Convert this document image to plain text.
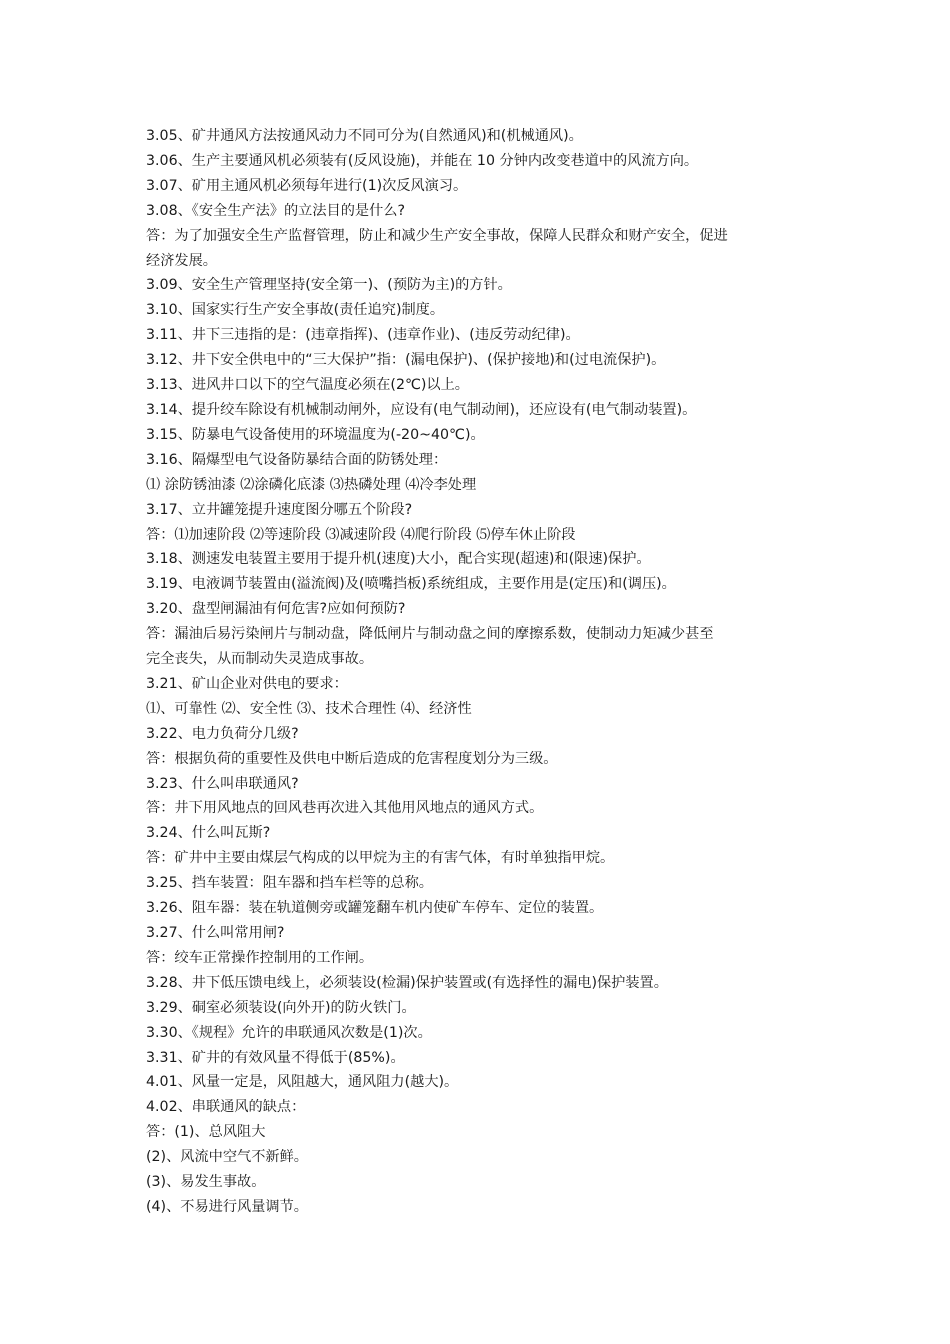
3.05、矿井通风方法按通风动力不同可分为(自然通风)和(机械通风)。
3.06、生产主要通风机必须装有(反风设施)，并能在 10 分钟内改变巷道中的风流方向。
3.07、矿用主通风机必须每年进行(1)次反风演习。
3.08、《安全生产法》的立法目的是什么?
答：为了加强安全生产监督管理，防止和减少生产安全事故，保障人民群众和财产安全，促进
经济发展。
3.09、安全生产管理坚持(安全第一)、(预防为主)的方针。
3.10、国家实行生产安全事故(责任追究)制度。
3.11、井下三违指的是：(违章指挥)、(违章作业)、(违反劳动纪律)。
3.12、井下安全供电中的“三大保护”指：(漏电保护)、(保护接地)和(过电流保护)。
3.13、进风井口以下的空气温度必须在(2℃)以上。
3.14、提升绞车除设有机械制动闸外，应设有(电气制动闸)，还应设有(电气制动装置)。
3.15、防暴电气设备使用的环境温度为(-20~40℃)。
3.16、隔爆型电气设备防暴结合面的防锈处理：
⑴ 涂防锈油漆 ⑵涂磷化底漆 ⑶热磷处理 ⑷冷李处理
3.17、立井罐笼提升速度图分哪五个阶段?
答：⑴加速阶段 ⑵等速阶段 ⑶减速阶段 ⑷爬行阶段 ⑸停车休止阶段
3.18、测速发电装置主要用于提升机(速度)大小，配合实现(超速)和(限速)保护。
3.19、电液调节装置由(溢流阀)及(喷嘴挡板)系统组成，主要作用是(定压)和(调压)。
3.20、盘型闸漏油有何危害?应如何预防?
答：漏油后易污染闸片与制动盘，降低闸片与制动盘之间的摩擦系数，使制动力矩减少甚至
完全丧失，从而制动失灵造成事故。
3.21、矿山企业对供电的要求：
⑴、可靠性 ⑵、安全性 ⑶、技术合理性 ⑷、经济性
3.22、电力负荷分几级?
答：根据负荷的重要性及供电中断后造成的危害程度划分为三级。
3.23、什么叫串联通风?
答：井下用风地点的回风巷再次进入其他用风地点的通风方式。
3.24、什么叫瓦斯?
答：矿井中主要由煤层气构成的以甲烷为主的有害气体，有时单独指甲烷。
3.25、挡车装置：阻车器和挡车栏等的总称。
3.26、阻车器：装在轨道侧旁或罐笼翻车机内使矿车停车、定位的装置。
3.27、什么叫常用闸?
答：绞车正常操作控制用的工作闸。
3.28、井下低压馈电线上，必须装设(检漏)保护装置或(有选择性的漏电)保护装置。
3.29、硐室必须装设(向外开)的防火铁门。
3.30、《规程》允许的串联通风次数是(1)次。
3.31、矿井的有效风量不得低于(85%)。
4.01、风量一定是，风阻越大，通风阻力(越大)。
4.02、串联通风的缺点：
答：(1)、总风阻大
(2)、风流中空气不新鲜。
(3)、易发生事故。
(4)、不易进行风量调节。
